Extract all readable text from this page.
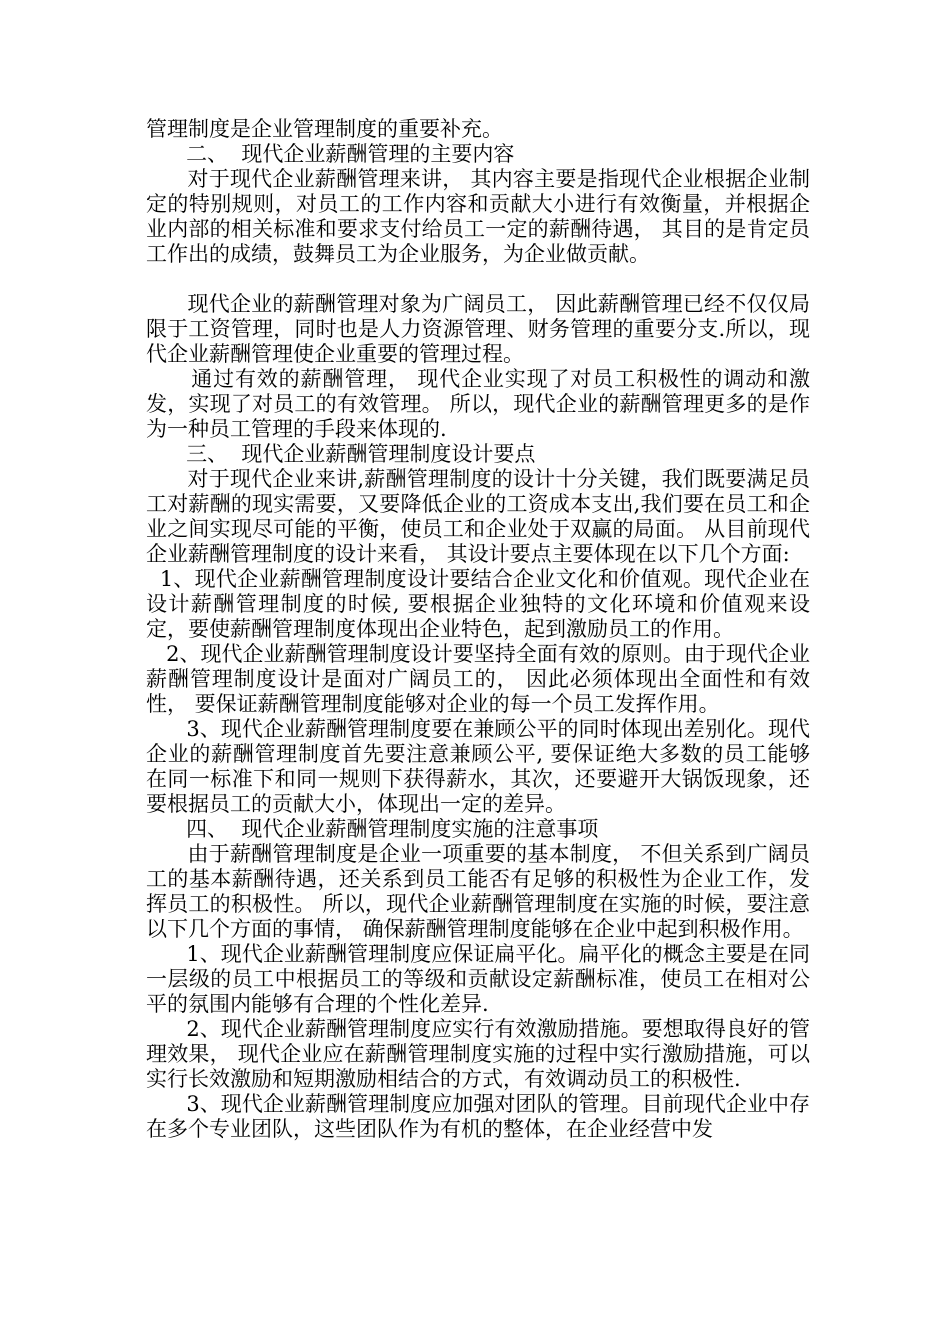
管理制度是企业管理制度的重要补充。

二、  现代企业薪酬管理的主要内容

对于现代企业薪酬管理来讲， 其内容主要是指现代企业根据企业制定的特别规则，对员工的工作内容和贡献大小进行有效衡量，并根据企业内部的相关标准和要求支付给员工一定的薪酬待遇， 其目的是肯定员工作出的成绩，鼓舞员工为企业服务，为企业做贡献。

现代企业的薪酬管理对象为广阔员工， 因此薪酬管理已经不仅仅局限于工资管理，同时也是人力资源管理、财务管理的重要分支.所以，现代企业薪酬管理使企业重要的管理过程。

通过有效的薪酬管理， 现代企业实现了对员工积极性的调动和激发，实现了对员工的有效管理。 所以，现代企业的薪酬管理更多的是作为一种员工管理的手段来体现的.

三、  现代企业薪酬管理制度设计要点

对于现代企业来讲,薪酬管理制度的设计十分关键，我们既要满足员工对薪酬的现实需要，又要降低企业的工资成本支出,我们要在员工和企业之间实现尽可能的平衡，使员工和企业处于双赢的局面。 从目前现代企业薪酬管理制度的设计来看， 其设计要点主要体现在以下几个方面:

1、现代企业薪酬管理制度设计要结合企业文化和价值观。现代企业在设计薪酬管理制度的时候, 要根据企业独特的文化环境和价值观来设定，要使薪酬管理制度体现出企业特色，起到激励员工的作用。

2、现代企业薪酬管理制度设计要坚持全面有效的原则。由于现代企业薪酬管理制度设计是面对广阔员工的， 因此必须体现出全面性和有效性， 要保证薪酬管理制度能够对企业的每一个员工发挥作用。

3、现代企业薪酬管理制度要在兼顾公平的同时体现出差别化。现代企业的薪酬管理制度首先要注意兼顾公平, 要保证绝大多数的员工能够在同一标准下和同一规则下获得薪水，其次，还要避开大锅饭现象，还要根据员工的贡献大小，体现出一定的差异。

四、  现代企业薪酬管理制度实施的注意事项

由于薪酬管理制度是企业一项重要的基本制度， 不但关系到广阔员工的基本薪酬待遇，还关系到员工能否有足够的积极性为企业工作，发挥员工的积极性。 所以，现代企业薪酬管理制度在实施的时候，要注意以下几个方面的事情， 确保薪酬管理制度能够在企业中起到积极作用。

1、现代企业薪酬管理制度应保证扁平化。扁平化的概念主要是在同一层级的员工中根据员工的等级和贡献设定薪酬标准，使员工在相对公平的氛围内能够有合理的个性化差异.

2、现代企业薪酬管理制度应实行有效激励措施。要想取得良好的管理效果， 现代企业应在薪酬管理制度实施的过程中实行激励措施，可以实行长效激励和短期激励相结合的方式，有效调动员工的积极性.

3、现代企业薪酬管理制度应加强对团队的管理。目前现代企业中存在多个专业团队，这些团队作为有机的整体，在企业经营中发
